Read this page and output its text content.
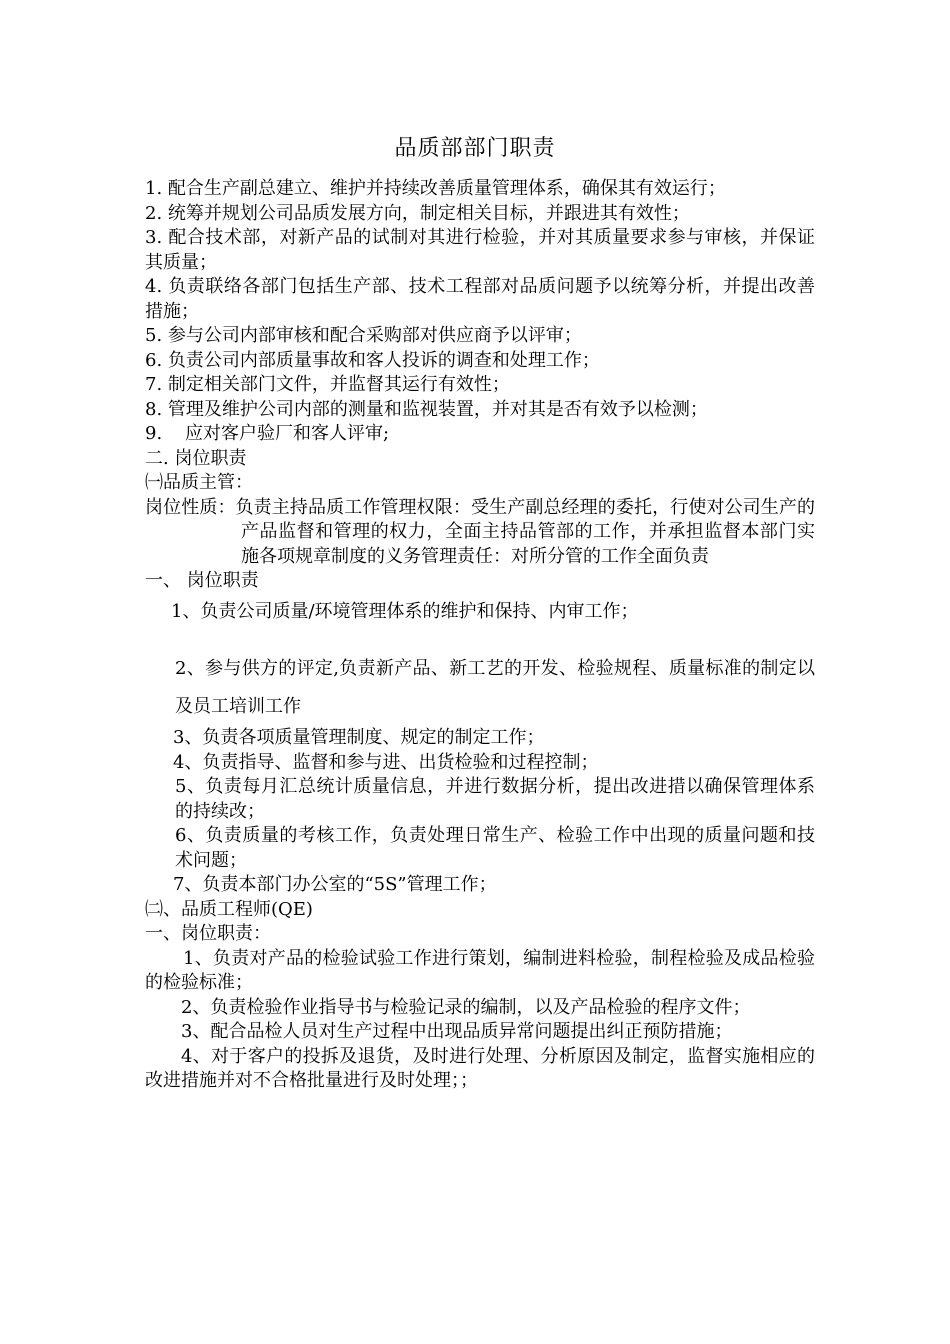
品质部部门职责

1. 配合生产副总建立、维护并持续改善质量管理体系，确保其有效运行；

2. 统筹并规划公司品质发展方向，制定相关目标，并跟进其有效性；

3. 配合技术部，对新产品的试制对其进行检验，并对其质量要求参与审核，并保证其质量；

4. 负责联络各部门包括生产部、技术工程部对品质问题予以统筹分析，并提出改善措施；

5. 参与公司内部审核和配合采购部对供应商予以评审；

6. 负责公司内部质量事故和客人投诉的调查和处理工作；

7. 制定相关部门文件，并监督其运行有效性；

8. 管理及维护公司内部的测量和监视装置，并对其是否有效予以检测；

9.    应对客户验厂和客人评审;

二. 岗位职责

㈠品质主管：

岗位性质：负责主持品质工作管理权限：受生产副总经理的委托，行使对公司生产的产品监督和管理的权力，全面主持品管部的工作，并承担监督本部门实施各项规章制度的义务管理责任：对所分管的工作全面负责

一、 岗位职责

1、负责公司质量/环境管理体系的维护和保持、内审工作；

2、参与供方的评定,负责新产品、新工艺的开发、检验规程、质量标准的制定以及员工培训工作

3、负责各项质量管理制度、规定的制定工作；

4、负责指导、监督和参与进、出货检验和过程控制；

5、负责每月汇总统计质量信息，并进行数据分析，提出改进措以确保管理体系的持续改；

6、负责质量的考核工作，负责处理日常生产、检验工作中出现的质量问题和技术问题；

7、负责本部门办公室的“5S”管理工作；

㈡、品质工程师(QE)

一、岗位职责：

1、负责对产品的检验试验工作进行策划，编制进料检验，制程检验及成品检验的检验标准；

2、负责检验作业指导书与检验记录的编制，以及产品检验的程序文件；

3、配合品检人员对生产过程中出现品质异常问题提出纠正预防措施；

4、对于客户的投拆及退货，及时进行处理、分析原因及制定，监督实施相应的改进措施并对不合格批量进行及时处理；；
